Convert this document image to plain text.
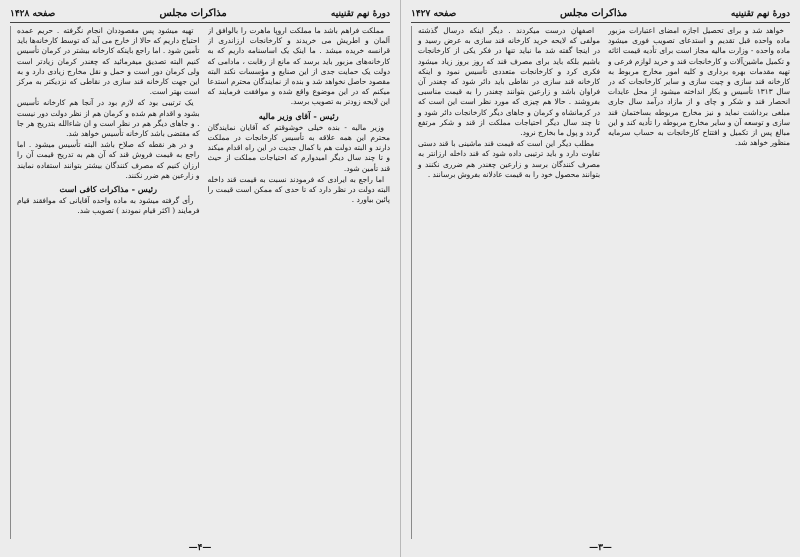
دورهٔ نهم تقنینیه
مذاکرات مجلس
صفحه ۱۴۲۷

خواهد شد و برای تحصیل اجازه امضای اعتبارات مزبور ماده واحده قبل تقدیم و استدعای تصویب فوری میشود ماده واحده - وزارت مالیه مجاز است برای تأدیه قیمت اثاثه و تکمیل ماشین‌آلات و کارخانجات قند و خرید لوازم فرعی و تهیه مقدمات بهره برداری و کلیه امور مخارج مربوط به کارخانه قند سازی و چیت سازی و سایر کارخانجات که در سال ۱۳۱۳ تأسیس و بکار انداخته میشود از محل عایدات انحصار قند و شکر و چای و از مازاد درآمد سال جاری مبلغی برداشت نماید و نیز مخارج مربوطه بساختمان قند سازی و توسعه آن و سایر مخارج مربوطه را تأدیه کند و این مبالغ پس از تکمیل و افتتاح کارخانجات به حساب سرمایه منظور خواهد شد.

اصفهان درست میکردند . دیگر اینکه درسال گذشته مولفی که لایحه خرید کارخانه قند سازی به عرض رسید و در اینجا گفته شد ما نباید تنها در فکر یکی از کارخانجات باشیم بلکه باید برای مصرف قند که روز بروز زیاد میشود فکری کرد و کارخانجات متعددی تأسیس نمود و اینکه کارخانه قند سازی در نقاطی باید دائر شود که چغندر آن فراوان باشد و زارعین بتوانند چغندر را به قیمت مناسبی بفروشند . حالا هم چیزی که مورد نظر است این است که در کرمانشاه و کرمان و جاهای دیگر کارخانجات دائر شود و تا چند سال دیگر احتیاجات مملکت از قند و شکر مرتفع گردد و پول ما بخارج نرود.

مطلب دیگر این است که قیمت قند ماشینی با قند دستی تفاوت دارد و باید ترتیبی داده شود که قند داخله ارزانتر به مصرف کنندگان برسد و زارعین چغندر هم ضرری نکنند و بتوانند محصول خود را به قیمت عادلانه بفروش برسانند .

—۳—
دورهٔ نهم تقنینیه
مذاکرات مجلس
صفحه ۱۴۲۸

مملکت فراهم باشد ما مملکت اروپا ماهرت را بالوافق از آلمان و اطریش می خریدند و کارخانجات ارزاندری از قرانسه خریده میشد . ما اینک یک اساسنامه داریم که به کارخانه‌های مزبور باید برسد که مانع از رقابت ، مادامی که دولت یک حمایت جدی از این صنایع و مؤسسات نکند البته مقصود حاصل نخواهد شد و بنده از نمایندگان محترم استدعا میکنم که در این موضوع واقع شده و موافقت فرمایند که این لایحه زودتر به تصویب برسد.

رئیس - آقای وزیر مالیه

وزیر مالیه - بنده خیلی خوشوقتم که آقایان نمایندگان محترم این همه علاقه به تأسیس کارخانجات در مملکت دارند و البته دولت هم با کمال جدیت در این راه اقدام میکند و تا چند سال دیگر امیدوارم که احتیاجات مملکت از حیث قند تأمین شود.

اما راجع به ایرادی که فرمودند نسبت به قیمت قند داخله البته دولت در نظر دارد که تا حدی که ممکن است قیمت را پائین بیاورد .

تهیه میشود پس مقصوددان انجام نگرفته . حریم عمده احتیاج داریم که حالا از خارج می آید که توسط کارخانه‌ها باید تأمین شود . اما راجع باینکه کارخانه بیشتر در کرمان تأسیس کنیم البته تصدیق میفرمائید که چغندر کرمان زیادتر است ولی کرمان دور است و حمل و نقل مخارج زیادی دارد و به این جهت کارخانه قند سازی در نقاطی که نزدیکتر به مرکز است بهتر است.

یک ترتیبی بود که لازم بود در آنجا هم کارخانه تأسیس بشود و اقدام هم شده و کرمان هم از نظر دولت دور نیست . و جاهای دیگر هم در نظر است و ان شاءالله بتدریج هر جا که مقتضی باشد کارخانه تأسیس خواهد شد.

و در هر نقطه که صلاح باشد البته تأسیس میشود . اما راجع به قیمت فروش قند که آن هم به تدریج قیمت آن را ارزان کنیم که مصرف کنندگان بیشتر بتوانند استفاده نمایند و زارعین هم ضرر نکنند.

رئیس - مذاکرات کافی است

رأی گرفته میشود به ماده واحده آقایانی که موافقند قیام فرمایند ( اکثر قیام نمودند ) تصویب شد.

—۴—
